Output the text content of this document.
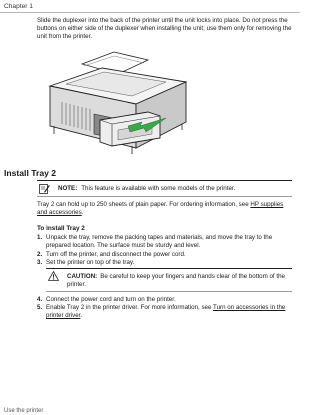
Chapter 1
Slide the duplexer into the back of the printer until the unit locks into place. Do not press the buttons on either side of the duplexer when installing the unit; use them only for removing the unit from the printer.
Install Tray 2
NOTE: This feature is available with some models of the printer.
Tray 2 can hold up to 250 sheets of plain paper. For ordering information, see HP supplies and accessories.
To install Tray 2
1. Unpack the tray, remove the packing tapes and materials, and move the tray to the prepared location. The surface must be sturdy and level.
2. Turn off the printer, and disconnect the power cord.
3. Set the printer on top of the tray.
CAUTION: Be careful to keep your fingers and hands clear of the bottom of the printer.
4. Connect the power cord and turn on the printer.
5. Enable Tray 2 in the printer driver. For more information, see Turn on accessories in the printer driver.
Use the printer
